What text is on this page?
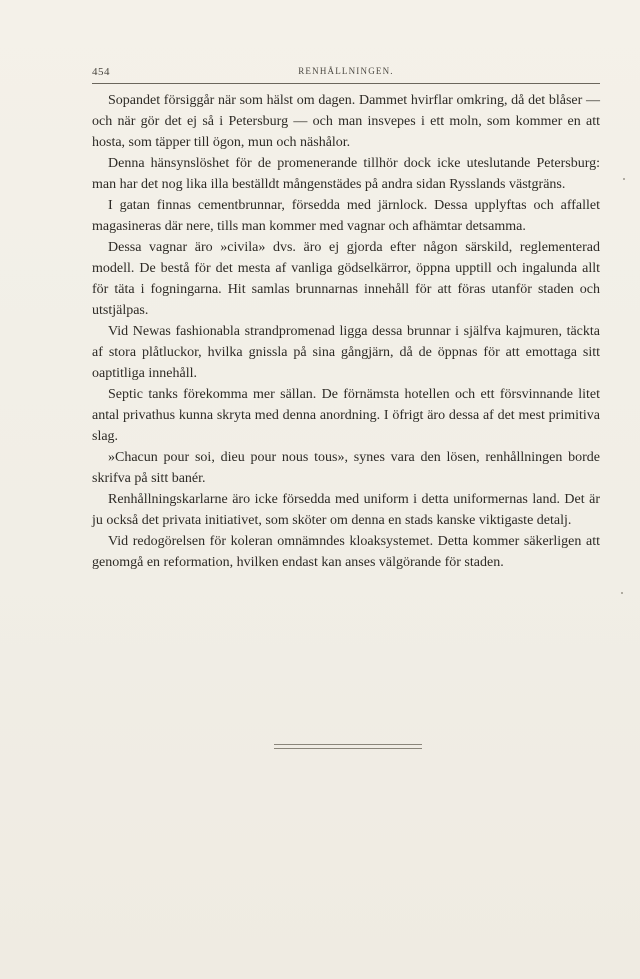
454	RENHÅLLNINGEN.

Sopandet försiggår när som hälst om dagen. Dammet hvirflar omkring, då det blåser — och när gör det ej så i Petersburg — och man insvepes i ett moln, som kommer en att hosta, som täpper till ögon, mun och näshålor.

Denna hänsynslöshet för de promenerande tillhör dock icke uteslutande Petersburg: man har det nog lika illa beställdt mångenstädes på andra sidan Rysslands västgräns.

I gatan finnas cementbrunnar, försedda med järnlock. Dessa upplyftas och affallet magasineras där nere, tills man kommer med vagnar och afhämtar detsamma.

Dessa vagnar äro »civila» dvs. äro ej gjorda efter någon särskild, reglementerad modell. De bestå för det mesta af vanliga gödselkärror, öppna upptill och ingalunda allt för täta i fogningarna. Hit samlas brunnarnas innehåll för att föras utanför staden och utstjälpas.

Vid Newas fashionabla strandpromenad ligga dessa brunnar i själfva kajmuren, täckta af stora plåtluckor, hvilka gnissla på sina gångjärn, då de öppnas för att emottaga sitt oaptitliga innehåll.

Septic tanks förekomma mer sällan. De förnämsta hotellen och ett försvinnande litet antal privathus kunna skryta med denna anordning. I öfrigt äro dessa af det mest primitiva slag.

»Chacun pour soi, dieu pour nous tous», synes vara den lösen, renhållningen borde skrifva på sitt banér.

Renhållningskarlarne äro icke försedda med uniform i detta uniformernas land. Det är ju också det privata initiativet, som sköter om denna en stads kanske viktigaste detalj.

Vid redogörelsen för koleran omnämndes kloaksystemet. Detta kommer säkerligen att genomgå en reformation, hvilken endast kan anses välgörande för staden.
